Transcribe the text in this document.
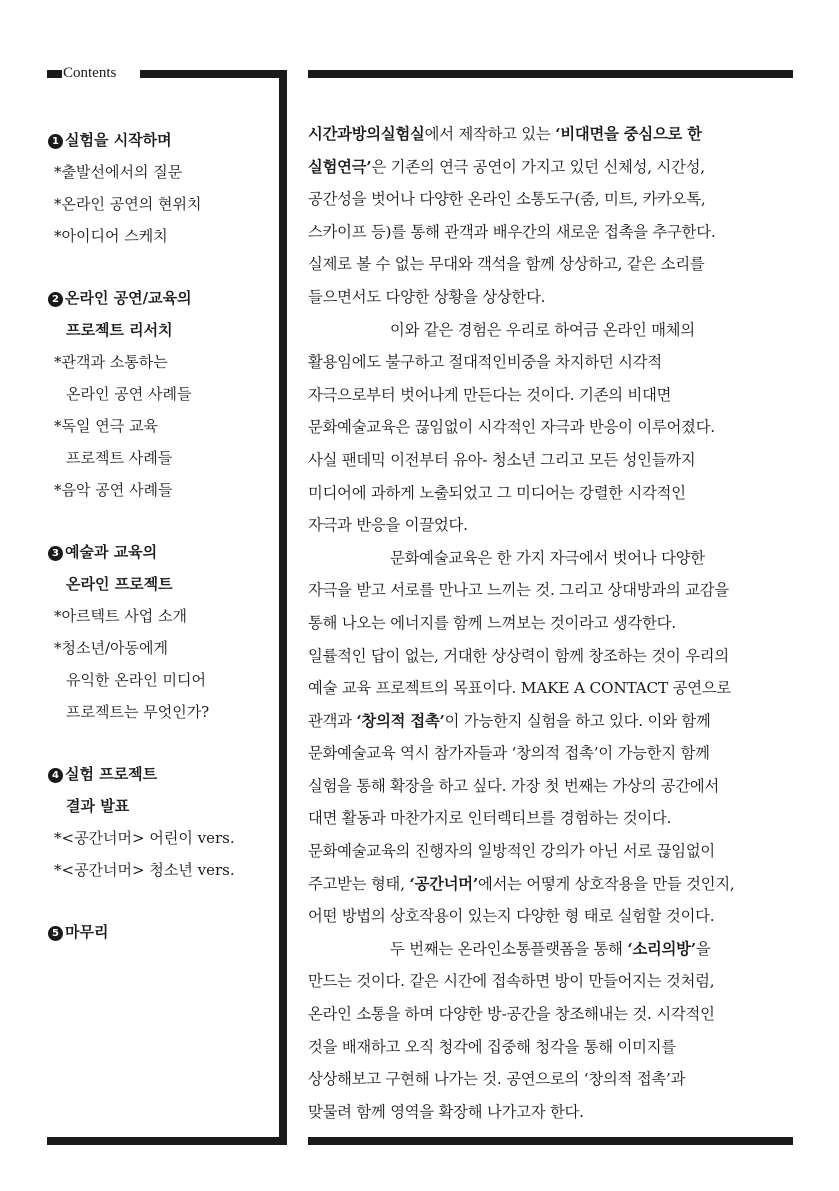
Contents
1 실험을 시작하며
*출발선에서의 질문
*온라인 공연의 현위치
*아이디어 스케치
2 온라인 공연/교육의
프로젝트 리서치
*관객과 소통하는
온라인 공연 사례들
*독일 연극 교육
프로젝트 사례들
*음악 공연 사례들
3 예술과 교육의
온라인 프로젝트
*아르텍트 사업 소개
*청소년/아동에게
유익한 온라인 미디어
프로젝트는 무엇인가?
4 실험 프로젝트
결과 발표
*<공간너머> 어린이 vers.
*<공간너머> 청소년 vers.
5 마무리
시간과방의실험실에서 제작하고 있는 ‘비대면을 중심으로 한
실험연극’은 기존의 연극 공연이 가지고 있던 신체성, 시간성,
공간성을 벗어나 다양한 온라인 소통도구(줌, 미트, 카카오톡,
스카이프 등)를 통해 관객과 배우간의 새로운 접촉을 추구한다.
실제로 볼 수 없는 무대와 객석을 함께 상상하고, 같은 소리를
들으면서도 다양한 상황을 상상한다.
이와 같은 경험은 우리로 하여금 온라인 매체의
활용임에도 불구하고 절대적인비중을 차지하던 시각적
자극으로부터 벗어나게 만든다는 것이다. 기존의 비대면
문화예술교육은 끊임없이 시각적인 자극과 반응이 이루어졌다.
사실 팬데믹 이전부터 유아- 청소년 그리고 모든 성인들까지
미디어에 과하게 노출되었고 그 미디어는 강렬한 시각적인
자극과 반응을 이끌었다.
문화예술교육은 한 가지 자극에서 벗어나 다양한
자극을 받고 서로를 만나고 느끼는 것. 그리고 상대방과의 교감을
통해 나오는 에너지를 함께 느껴보는 것이라고 생각한다.
일률적인 답이 없는, 거대한 상상력이 함께 창조하는 것이 우리의
예술 교육 프로젝트의 목표이다. MAKE A CONTACT 공연으로
관객과 ‘창의적 접촉’이 가능한지 실험을 하고 있다. 이와 함께
문화예술교육 역시 참가자들과 ‘창의적 접촉’이 가능한지 함께
실험을 통해 확장을 하고 싶다. 가장 첫 번째는 가상의 공간에서
대면 활동과 마찬가지로 인터렉티브를 경험하는 것이다.
문화예술교육의 진행자의 일방적인 강의가 아닌 서로 끊임없이
주고받는 형태, ‘공간너머’에서는 어떻게 상호작용을 만들 것인지,
어떤 방법의 상호작용이 있는지 다양한 형 태로 실험할 것이다.
두 번째는 온라인소통플랫폼을 통해 ‘소리의방’을
만드는 것이다. 같은 시간에 접속하면 방이 만들어지는 것처럼,
온라인 소통을 하며 다양한 방-공간을 창조해내는 것. 시각적인
것을 배재하고 오직 청각에 집중해 청각을 통해 이미지를
상상해보고 구현해 나가는 것. 공연으로의 ‘창의적 접촉’과
맞물려 함께 영역을 확장해 나가고자 한다.
